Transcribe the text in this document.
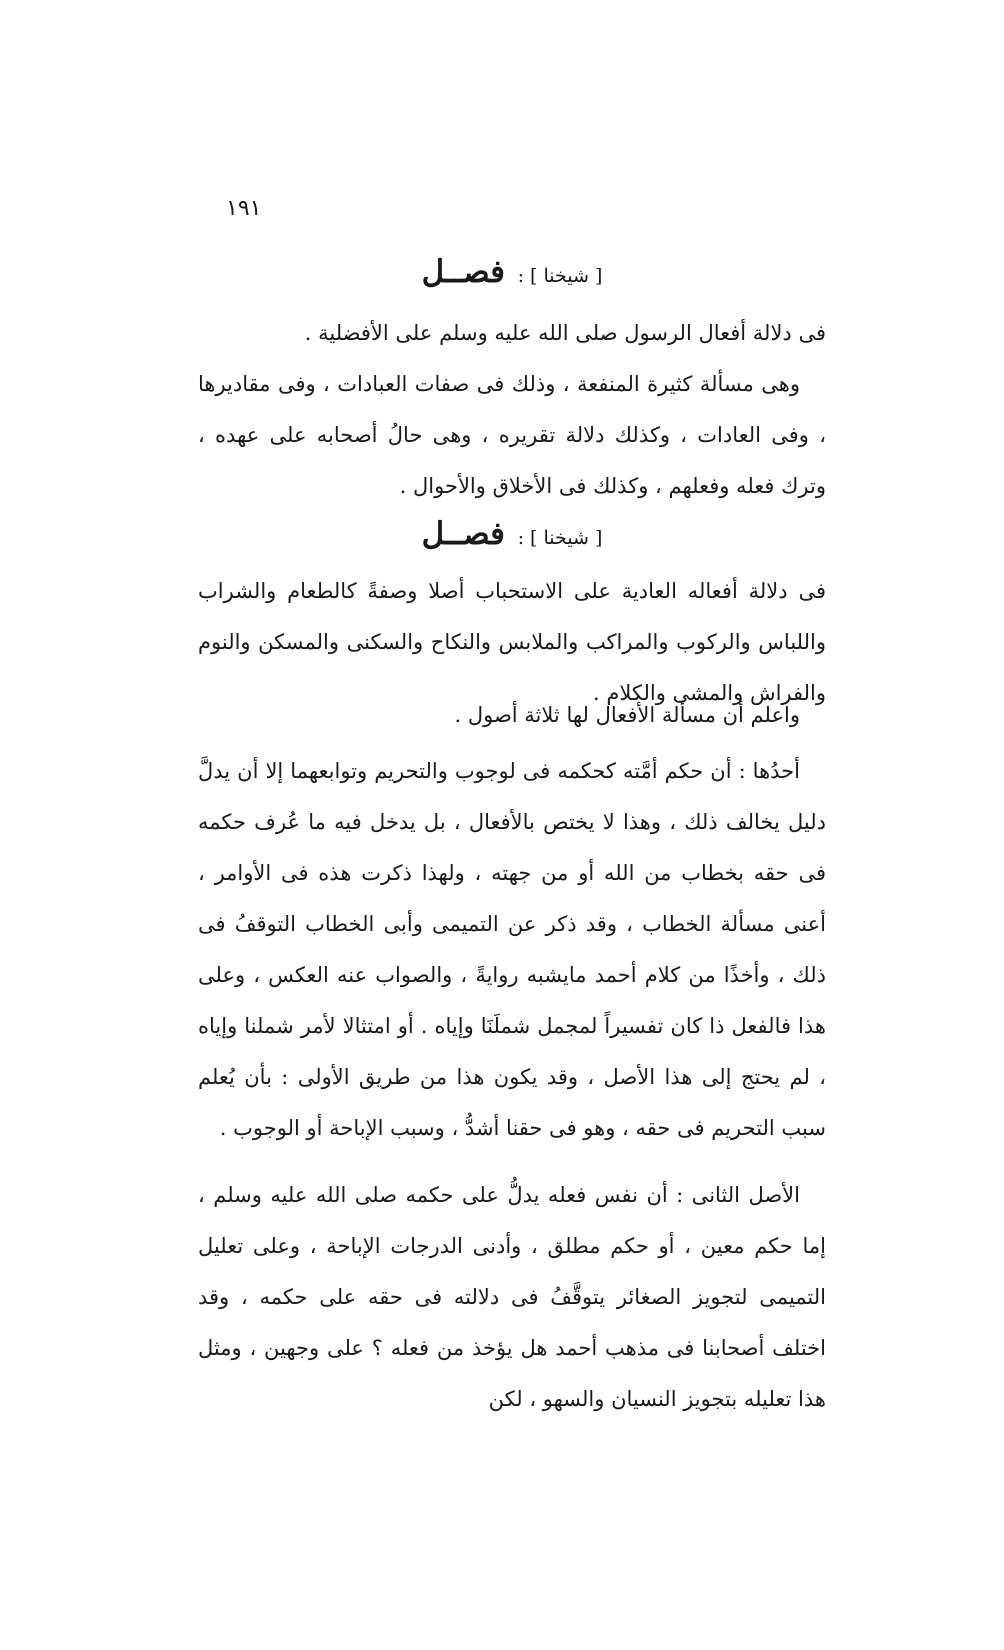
١٩١
[ شيخنا ] : فصــل

فى دلالة أفعال الرسول صلى الله عليه وسلم على الأفضلية .

وهى مسألة كثيرة المنفعة ، وذلك فى صفات العبادات ، وفى مقاديرها ، وفى العادات ، وكذلك دلالة تقريره ، وهى حالُ أصحابه على عهده ، وترك فعله وفعلهم ، وكذلك فى الأخلاق والأحوال .

[ شيخنا ] : فصــل

فى دلالة أفعاله العادية على الاستحباب أصلا وصفةً كالطعام والشراب واللباس والركوب والمراكب والملابس والنكاح والسكنى والمسكن والنوم والفراش والمشى والكلام .

واعلم أن مسألة الأفعال لها ثلاثة أصول .

أحدُها : أن حكم أمَّته كحكمه فى لوجوب والتحريم وتوابعهما إلا أن يدلَّ دليل يخالف ذلك ، وهذا لا يختص بالأفعال ، بل يدخل فيه ما عُرف حكمه فى حقه بخطاب من الله أو من جهته ، ولهذا ذكرت هذه فى الأوامر ، أعنى مسألة الخطاب ، وقد ذكر عن التميمى وأبى الخطاب التوقفُ فى ذلك ، وأخذًا من كلام أحمد مايشبه روايةً ، والصواب عنه العكس ، وعلى هذا فالفعل ذا كان تفسيراً لمجمل شملَنَا وإياه . أو امتثالا لأمر شملنا وإياه ، لم يحتج إلى هذا الأصل ، وقد يكون هذا من طريق الأولى : بأن يُعلم سبب التحريم فى حقه ، وهو فى حقنا أشدُّ ، وسبب الإباحة أو الوجوب .

الأصل الثانى : أن نفس فعله يدلُّ على حكمه صلى الله عليه وسلم ، إما حكم معين ، أو حكم مطلق ، وأدنى الدرجات الإباحة ، وعلى تعليل التميمى لتجويز الصغائر يتوقَّفُ فى دلالته فى حقه على حكمه ، وقد اختلف أصحابنا فى مذهب أحمد هل يؤخذ من فعله ؟ على وجهين ، ومثل هذا تعليله بتجويز النسيان والسهو ، لكن
